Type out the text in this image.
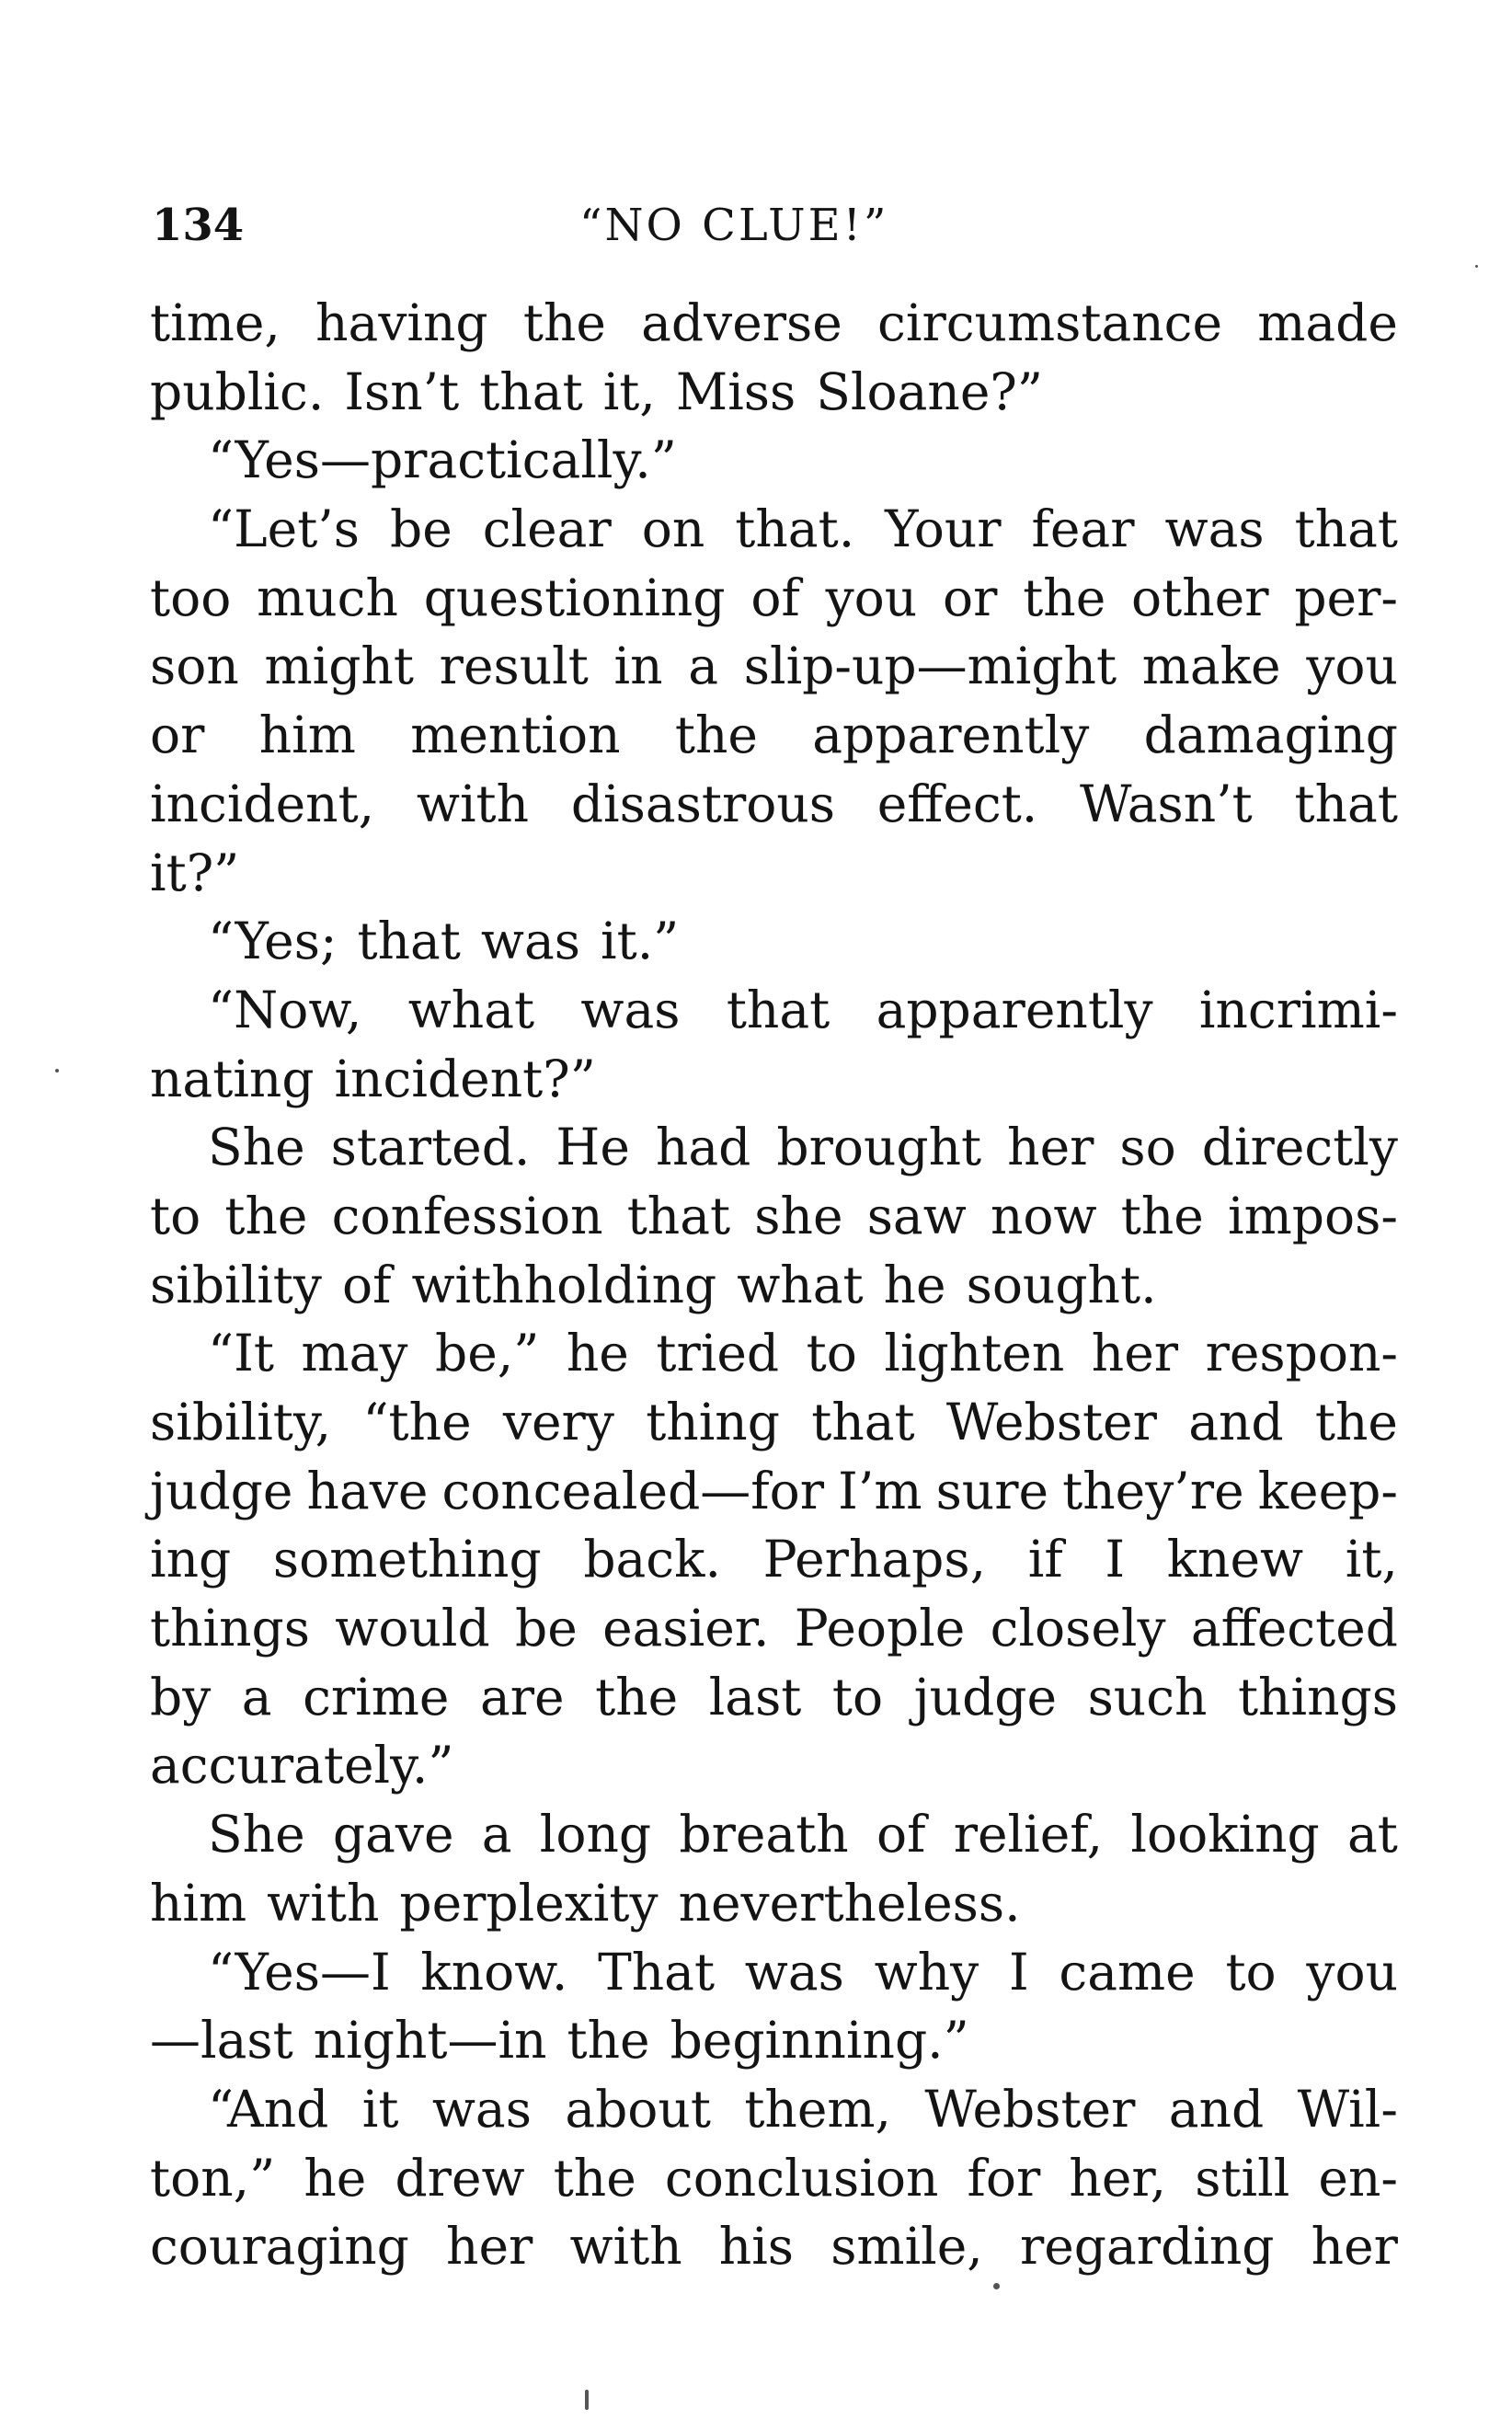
134	“NO CLUE!”
time, having the adverse circumstance made
public. Isn’t that it, Miss Sloane?”
“Yes—practically.”
“Let’s be clear on that. Your fear was that
too much questioning of you or the other per-
son might result in a slip-up—might make you
or him mention the apparently damaging
incident, with disastrous effect. Wasn’t that
it?”
“Yes; that was it.”
“Now, what was that apparently incrimi-
nating incident?”
She started. He had brought her so directly
to the confession that she saw now the impos-
sibility of withholding what he sought.
“It may be,” he tried to lighten her respon-
sibility, “the very thing that Webster and the
judge have concealed—for I’m sure they’re keep-
ing something back. Perhaps, if I knew it,
things would be easier. People closely affected
by a crime are the last to judge such things
accurately.”
She gave a long breath of relief, looking at
him with perplexity nevertheless.
“Yes—I know. That was why I came to you
—last night—in the beginning.”
“And it was about them, Webster and Wil-
ton,” he drew the conclusion for her, still en-
couraging her with his smile, regarding her
